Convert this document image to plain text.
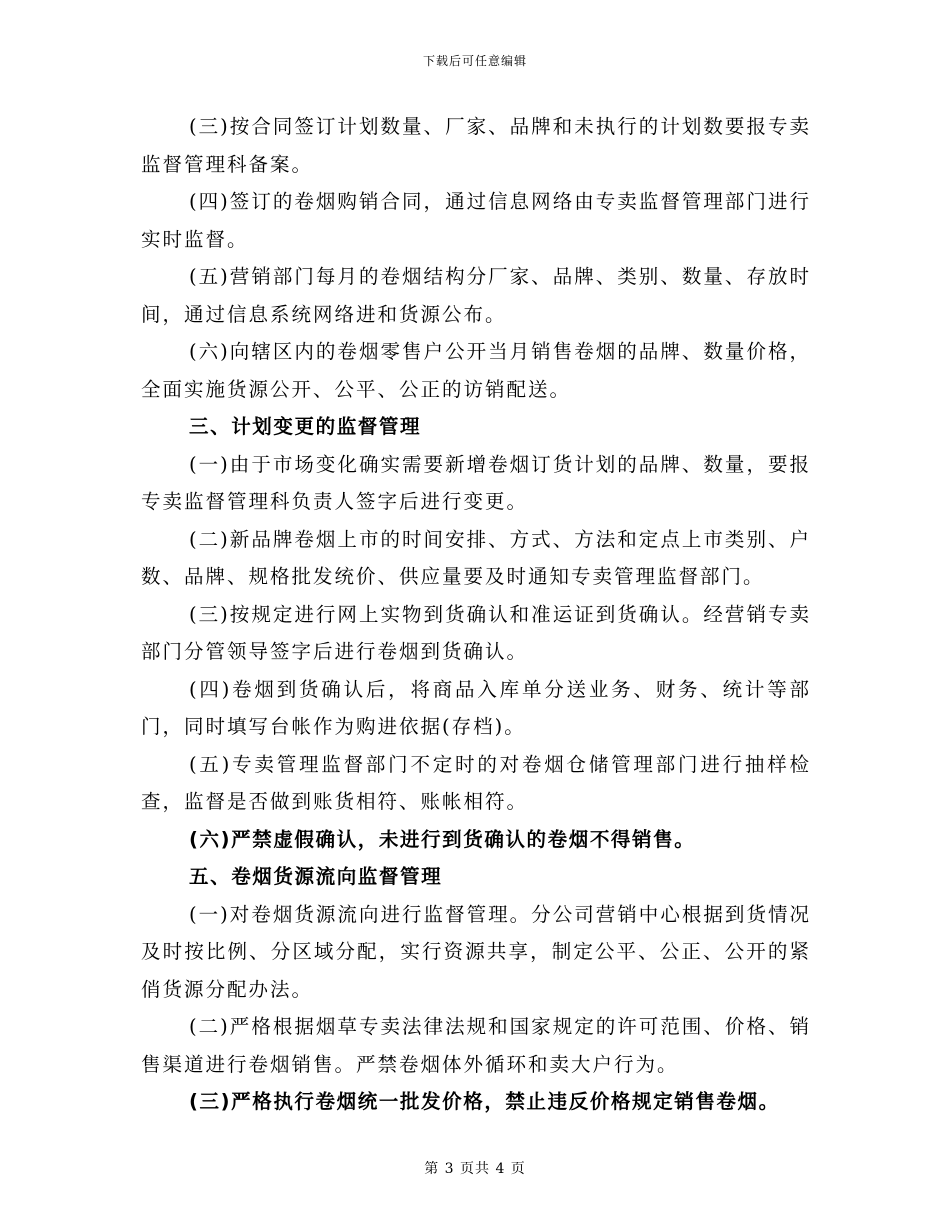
下载后可任意编辑

(三)按合同签订计划数量、厂家、品牌和未执行的计划数要报专卖监督管理科备案。

(四)签订的卷烟购销合同，通过信息网络由专卖监督管理部门进行实时监督。

(五)营销部门每月的卷烟结构分厂家、品牌、类别、数量、存放时间，通过信息系统网络进和货源公布。

(六)向辖区内的卷烟零售户公开当月销售卷烟的品牌、数量价格，全面实施货源公开、公平、公正的访销配送。

三、计划变更的监督管理

(一)由于市场变化确实需要新增卷烟订货计划的品牌、数量，要报专卖监督管理科负责人签字后进行变更。

(二)新品牌卷烟上市的时间安排、方式、方法和定点上市类别、户数、品牌、规格批发统价、供应量要及时通知专卖管理监督部门。

(三)按规定进行网上实物到货确认和准运证到货确认。经营销专卖部门分管领导签字后进行卷烟到货确认。

(四)卷烟到货确认后，将商品入库单分送业务、财务、统计等部门，同时填写台帐作为购进依据(存档)。

(五)专卖管理监督部门不定时的对卷烟仓储管理部门进行抽样检查，监督是否做到账货相符、账帐相符。

(六)严禁虚假确认，未进行到货确认的卷烟不得销售。

五、卷烟货源流向监督管理

(一)对卷烟货源流向进行监督管理。分公司营销中心根据到货情况及时按比例、分区域分配，实行资源共享，制定公平、公正、公开的紧俏货源分配办法。

(二)严格根据烟草专卖法律法规和国家规定的许可范围、价格、销售渠道进行卷烟销售。严禁卷烟体外循环和卖大户行为。

(三)严格执行卷烟统一批发价格，禁止违反价格规定销售卷烟。

第 3 页共 4 页
